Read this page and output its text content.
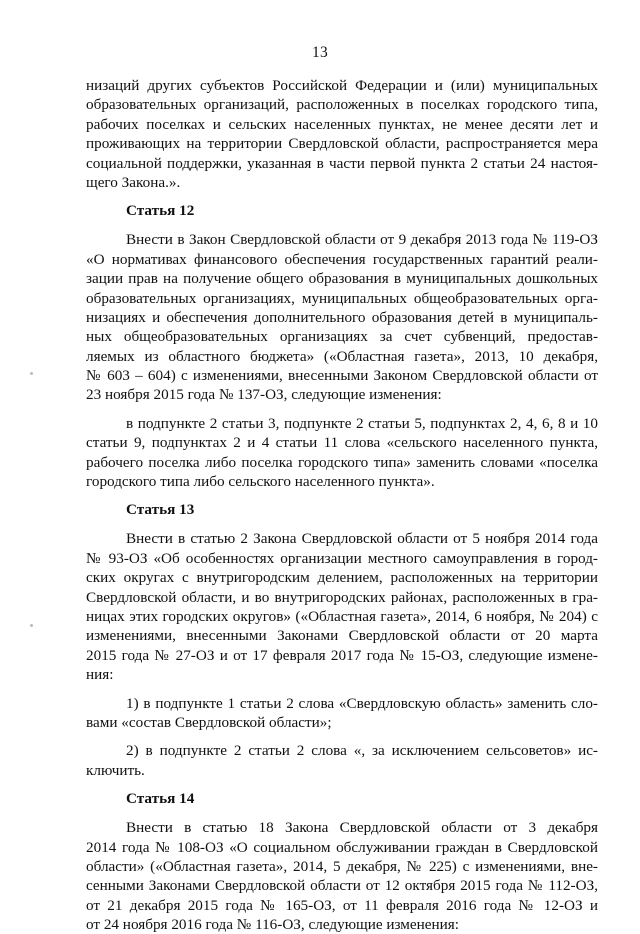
13
низаций других субъектов Российской Федерации и (или) муниципальных
образовательных организаций, расположенных в поселках городского типа,
рабочих поселках и сельских населенных пунктах, не менее десяти лет и
проживающих на территории Свердловской области, распространяется мера
социальной поддержки, указанная в части первой пункта 2 статьи 24 настоя-
щего Закона.».
Статья 12
Внести в Закон Свердловской области от 9 декабря 2013 года № 119-ОЗ
«О нормативах финансового обеспечения государственных гарантий реали-
зации прав на получение общего образования в муниципальных дошкольных
образовательных организациях, муниципальных общеобразовательных орга-
низациях и обеспечения дополнительного образования детей в муниципаль-
ных общеобразовательных организациях за счет субвенций, предостав-
ляемых из областного бюджета» («Областная газета», 2013, 10 декабря,
№ 603 – 604) с изменениями, внесенными Законом Свердловской области от
23 ноября 2015 года № 137-ОЗ, следующие изменения:
в подпункте 2 статьи 3, подпункте 2 статьи 5, подпунктах 2, 4, 6, 8 и 10
статьи 9, подпунктах 2 и 4 статьи 11 слова «сельского населенного пункта,
рабочего поселка либо поселка городского типа» заменить словами «поселка
городского типа либо сельского населенного пункта».
Статья 13
Внести в статью 2 Закона Свердловской области от 5 ноября 2014 года
№ 93-ОЗ «Об особенностях организации местного самоуправления в город-
ских округах с внутригородским делением, расположенных на территории
Свердловской области, и во внутригородских районах, расположенных в гра-
ницах этих городских округов» («Областная газета», 2014, 6 ноября, № 204) с
изменениями, внесенными Законами Свердловской области от 20 марта
2015 года № 27-ОЗ и от 17 февраля 2017 года № 15-ОЗ, следующие измене-
ния:
1) в подпункте 1 статьи 2 слова «Свердловскую область» заменить сло-
вами «состав Свердловской области»;
2) в подпункте 2 статьи 2 слова «, за исключением сельсоветов» ис-
ключить.
Статья 14
Внести в статью 18 Закона Свердловской области от 3 декабря
2014 года № 108-ОЗ «О социальном обслуживании граждан в Свердловской
области» («Областная газета», 2014, 5 декабря, № 225) с изменениями, вне-
сенными Законами Свердловской области от 12 октября 2015 года № 112-ОЗ,
от 21 декабря 2015 года № 165-ОЗ, от 11 февраля 2016 года № 12-ОЗ и
от 24 ноября 2016 года № 116-ОЗ, следующие изменения:
